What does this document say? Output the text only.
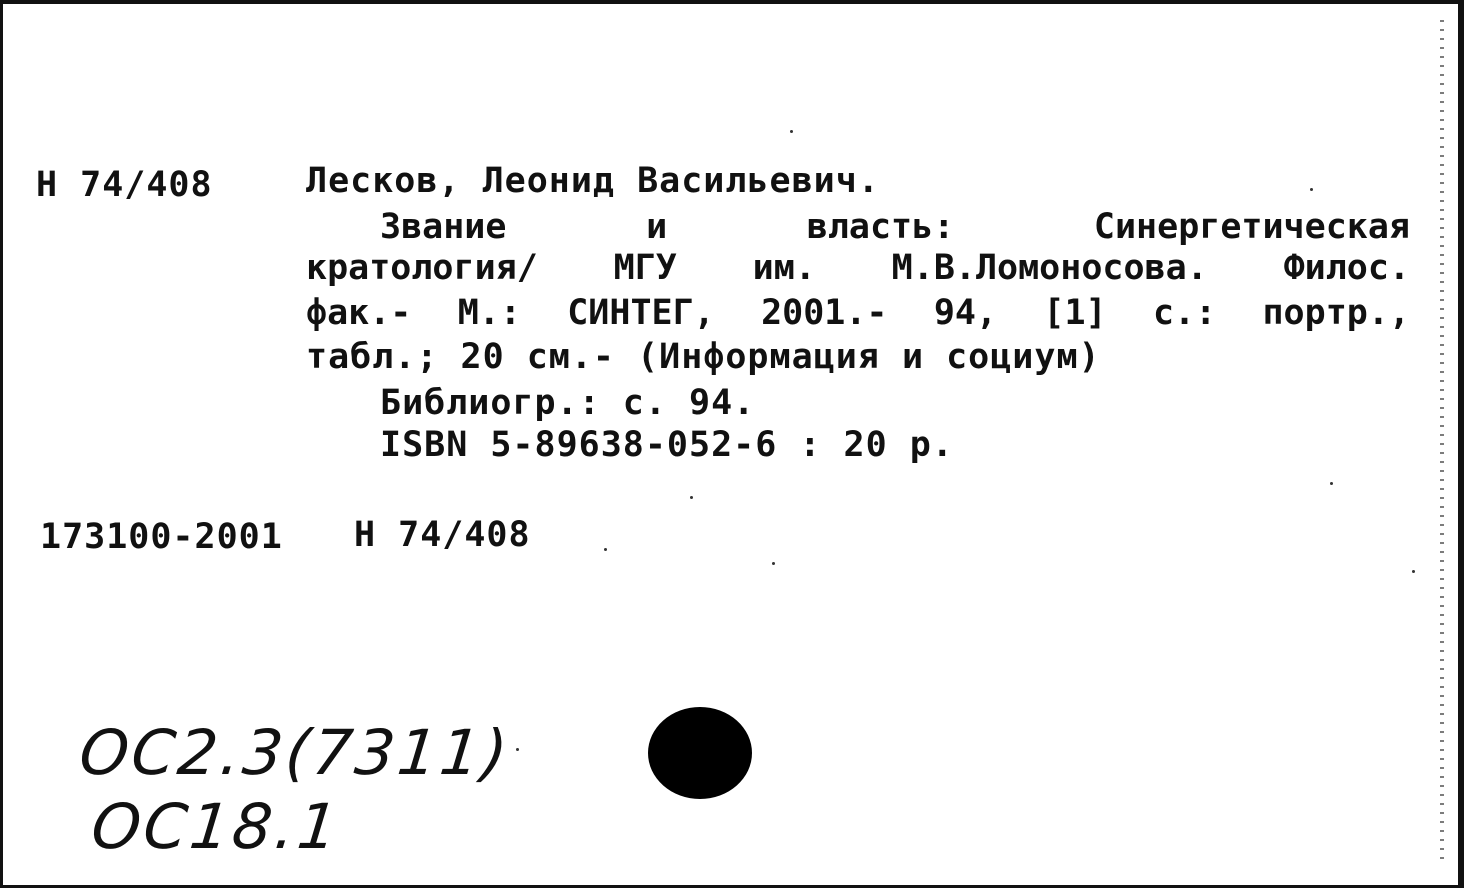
Н 74/408	Лесков, Леонид Васильевич.
Звание	и	власть:	Синергетическая
кратология/ МГУ им. М.В.Ломоносова. Филос.
фак.- М.: СИНТЕГ, 2001.- 94, [1] с.: портр.,
табл.; 20 см.- (Информация и социум)
Библиогр.: с. 94.
ISBN 5-89638-052-6 : 20 р.
173100-2001 Н 74/408
ОС2.3(7311)
ОС18.1
